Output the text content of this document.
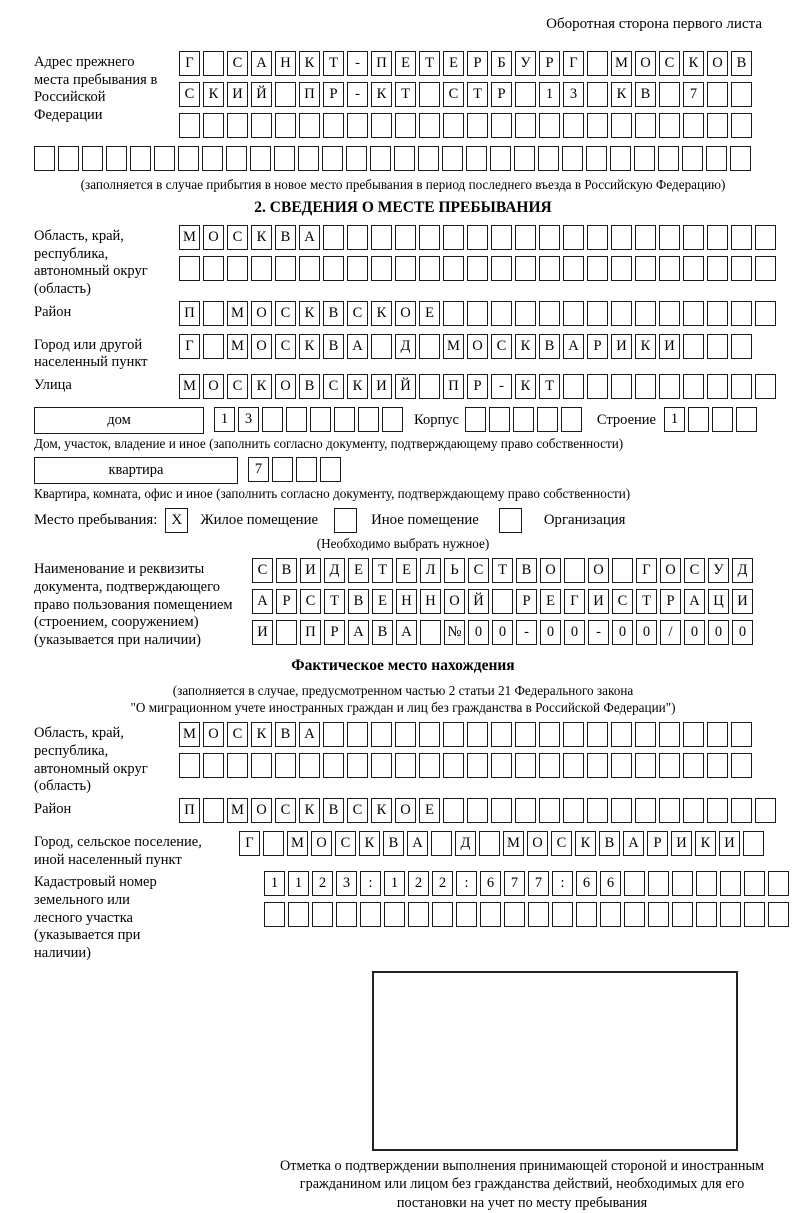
Оборотная сторона первого листа
Адрес прежнего места пребывания в Российской Федерации
Г	С А Н К Т - П Е Т Е Р Б У Р Г	М О С К О В
С К И Й	П Р - К Т	С Т Р	1 3	К В	7
(заполняется в случае прибытия в новое место пребывания в период последнего въезда в Российскую Федерацию)
2. СВЕДЕНИЯ О МЕСТЕ ПРЕБЫВАНИЯ
Область, край, республика, автономный округ (область)
М О С К В А
Район	П	М О С К В С К О Е
Город или другой населенный пункт
Г	М О С К В А	Д	М О С К В А Р И К И
Улица	М О С К О В С К И Й	П Р - К Т
дом	1 3	Корпус	Строение	1
Дом, участок, владение и иное (заполнить согласно документу, подтверждающему право собственности)
квартира	7
Квартира, комната, офис и иное (заполнить согласно документу, подтверждающему право собственности)
Место пребывания: X	Жилое помещение	Иное помещение	Организация
(Необходимо выбрать нужное)
Наименование и реквизиты документа, подтверждающего право пользования помещением (строением, сооружением) (указывается при наличии)
С В И Д Е Т Е Л Ь С Т В О	О	Г О С У Д
А Р С Т В Е Н Н О Й	Р Е Г И С Т Р А Ц И
И	П Р А В А № 0 0 - 0 0 - 0 0 / 0 0 0
Фактическое место нахождения
(заполняется в случае, предусмотренном частью 2 статьи 21 Федерального закона
"О миграционном учете иностранных граждан и лиц без гражданства в Российской Федерации")
Область, край, республика, автономный округ (область)
М О С К В А
Район	П	М О С К В С К О Е
Город, сельское поселение, иной населенный пункт
Г	М О С К В А	Д	М О С К В А Р И К И
Кадастровый номер земельного или лесного участка (указывается при наличии)
1 1 2 3 : 1 2 2 : 6 7 7 : 6 6
Отметка о подтверждении выполнения принимающей стороной и иностранным гражданином или лицом без гражданства действий, необходимых для его постановки на учет по месту пребывания
